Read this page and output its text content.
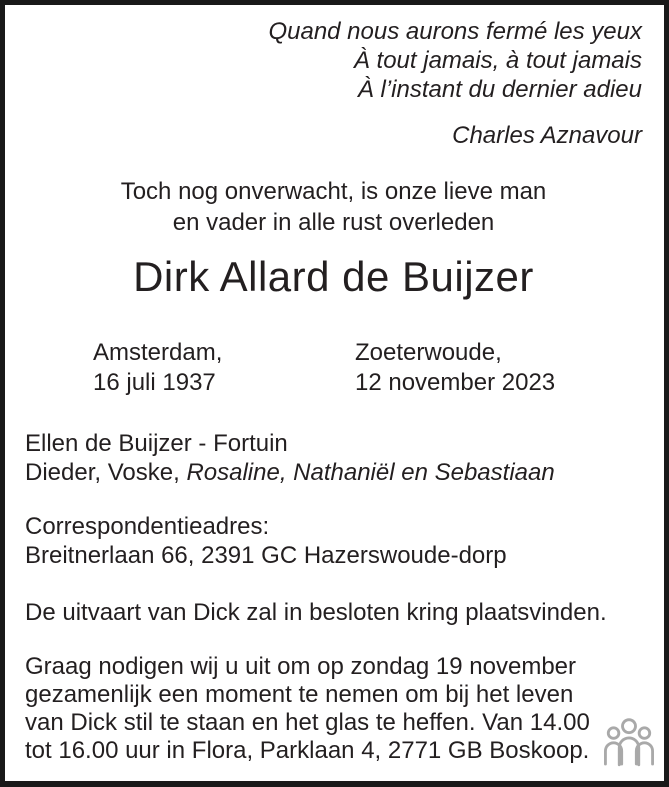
Quand nous aurons fermé les yeux
À tout jamais, à tout jamais
À l’instant du dernier adieu
Charles Aznavour
Toch nog onverwacht, is onze lieve man
en vader in alle rust overleden
Dirk Allard de Buijzer
Amsterdam,
16 juli 1937
Zoeterwoude,
12 november 2023
Ellen de Buijzer - Fortuin
Dieder, Voske, Rosaline, Nathaniël en Sebastiaan
Correspondentieadres:
Breitnerlaan 66, 2391 GC Hazerswoude-dorp
De uitvaart van Dick zal in besloten kring plaatsvinden.
Graag nodigen wij u uit om op zondag 19 november
gezamenlijk een moment te nemen om bij het leven
van Dick stil te staan en het glas te heffen. Van 14.00
tot 16.00 uur in Flora, Parklaan 4, 2771 GB Boskoop.
